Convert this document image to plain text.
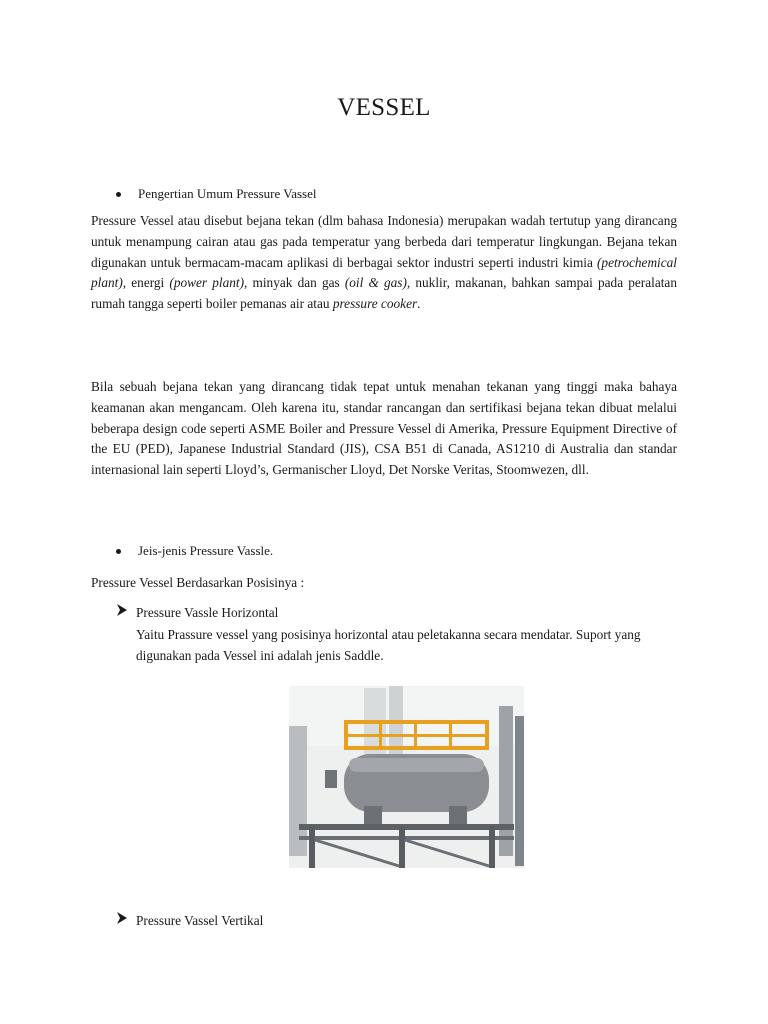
VESSEL
Pengertian Umum Pressure Vassel

Pressure Vessel atau disebut bejana tekan (dlm bahasa Indonesia) merupakan wadah tertutup yang dirancang untuk menampung cairan atau gas pada temperatur yang berbeda dari temperatur lingkungan. Bejana tekan digunakan untuk bermacam-macam aplikasi di berbagai sektor industri seperti industri kimia (petrochemical plant), energi (power plant), minyak dan gas (oil & gas), nuklir, makanan, bahkan sampai pada peralatan rumah tangga seperti boiler pemanas air atau pressure cooker.

Bila sebuah bejana tekan yang dirancang tidak tepat untuk menahan tekanan yang tinggi maka bahaya keamanan akan mengancam. Oleh karena itu, standar rancangan dan sertifikasi bejana tekan dibuat melalui beberapa design code seperti ASME Boiler and Pressure Vessel di Amerika, Pressure Equipment Directive of the EU (PED), Japanese Industrial Standard (JIS), CSA B51 di Canada, AS1210 di Australia dan standar internasional lain seperti Lloyd’s, Germanischer Lloyd, Det Norske Veritas, Stoomwezen, dll.

Jeis-jenis Pressure Vassle.
Pressure Vessel Berdasarkan Posisinya :
Pressure Vassle Horizontal

Yaitu Prassure vessel yang posisinya horizontal atau peletakanna secara mendatar. Suport yang digunakan pada Vessel ini adalah jenis Saddle.

Pressure Vassel Vertikal
